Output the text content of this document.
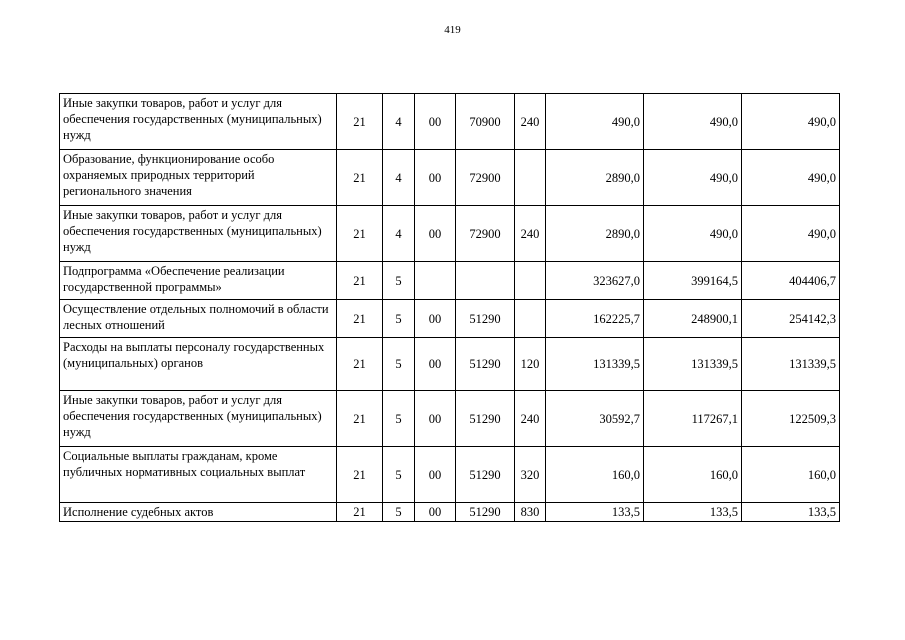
419
Иные закупки товаров, работ и услуг для обеспечения государственных (муниципальных) нужд	21	4	00	70900	240	490,0	490,0	490,0
Образование, функционирование особо охраняемых природных территорий регионального значения	21	4	00	72900		2890,0	490,0	490,0
Иные закупки товаров, работ и услуг для обеспечения государственных (муниципальных) нужд	21	4	00	72900	240	2890,0	490,0	490,0
Подпрограмма «Обеспечение реализации государственной программы»	21	5				323627,0	399164,5	404406,7
Осуществление отдельных полномочий в области лесных отношений	21	5	00	51290		162225,7	248900,1	254142,3
Расходы на выплаты персоналу государственных (муниципальных) органов	21	5	00	51290	120	131339,5	131339,5	131339,5
Иные закупки товаров, работ и услуг для обеспечения государственных (муниципальных) нужд	21	5	00	51290	240	30592,7	117267,1	122509,3
Социальные выплаты гражданам, кроме публичных нормативных социальных выплат	21	5	00	51290	320	160,0	160,0	160,0
Исполнение судебных актов	21	5	00	51290	830	133,5	133,5	133,5
